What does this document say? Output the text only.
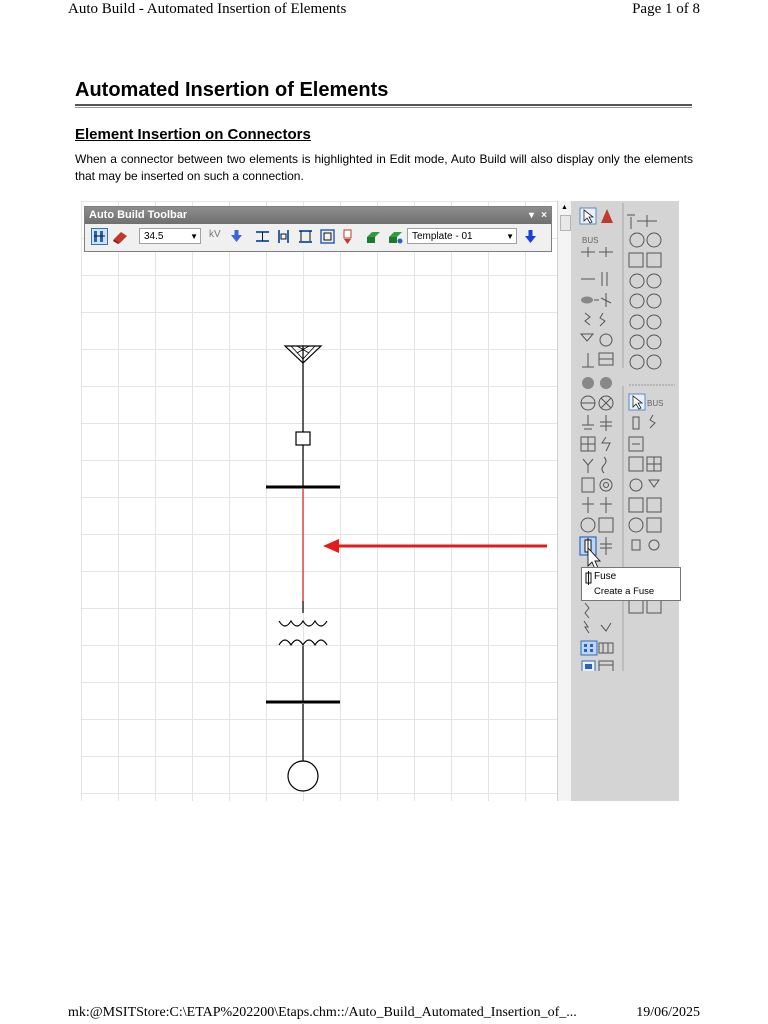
Auto Build - Automated Insertion of Elements	Page 1 of 8
Automated Insertion of Elements
Element Insertion on Connectors
When a connector between two elements is highlighted in Edit mode, Auto Build will also display only the elements that may be inserted on such a connection.
Auto Build Toolbar	▾ ×
34.5	▼ kV	Template - 01	▼
▲
BUS
BUS
Fuse
Create a Fuse
mk:@MSITStore:C:\ETAP%202200\Etaps.chm::/Auto_Build_Automated_Insertion_of_...	19/06/2025
